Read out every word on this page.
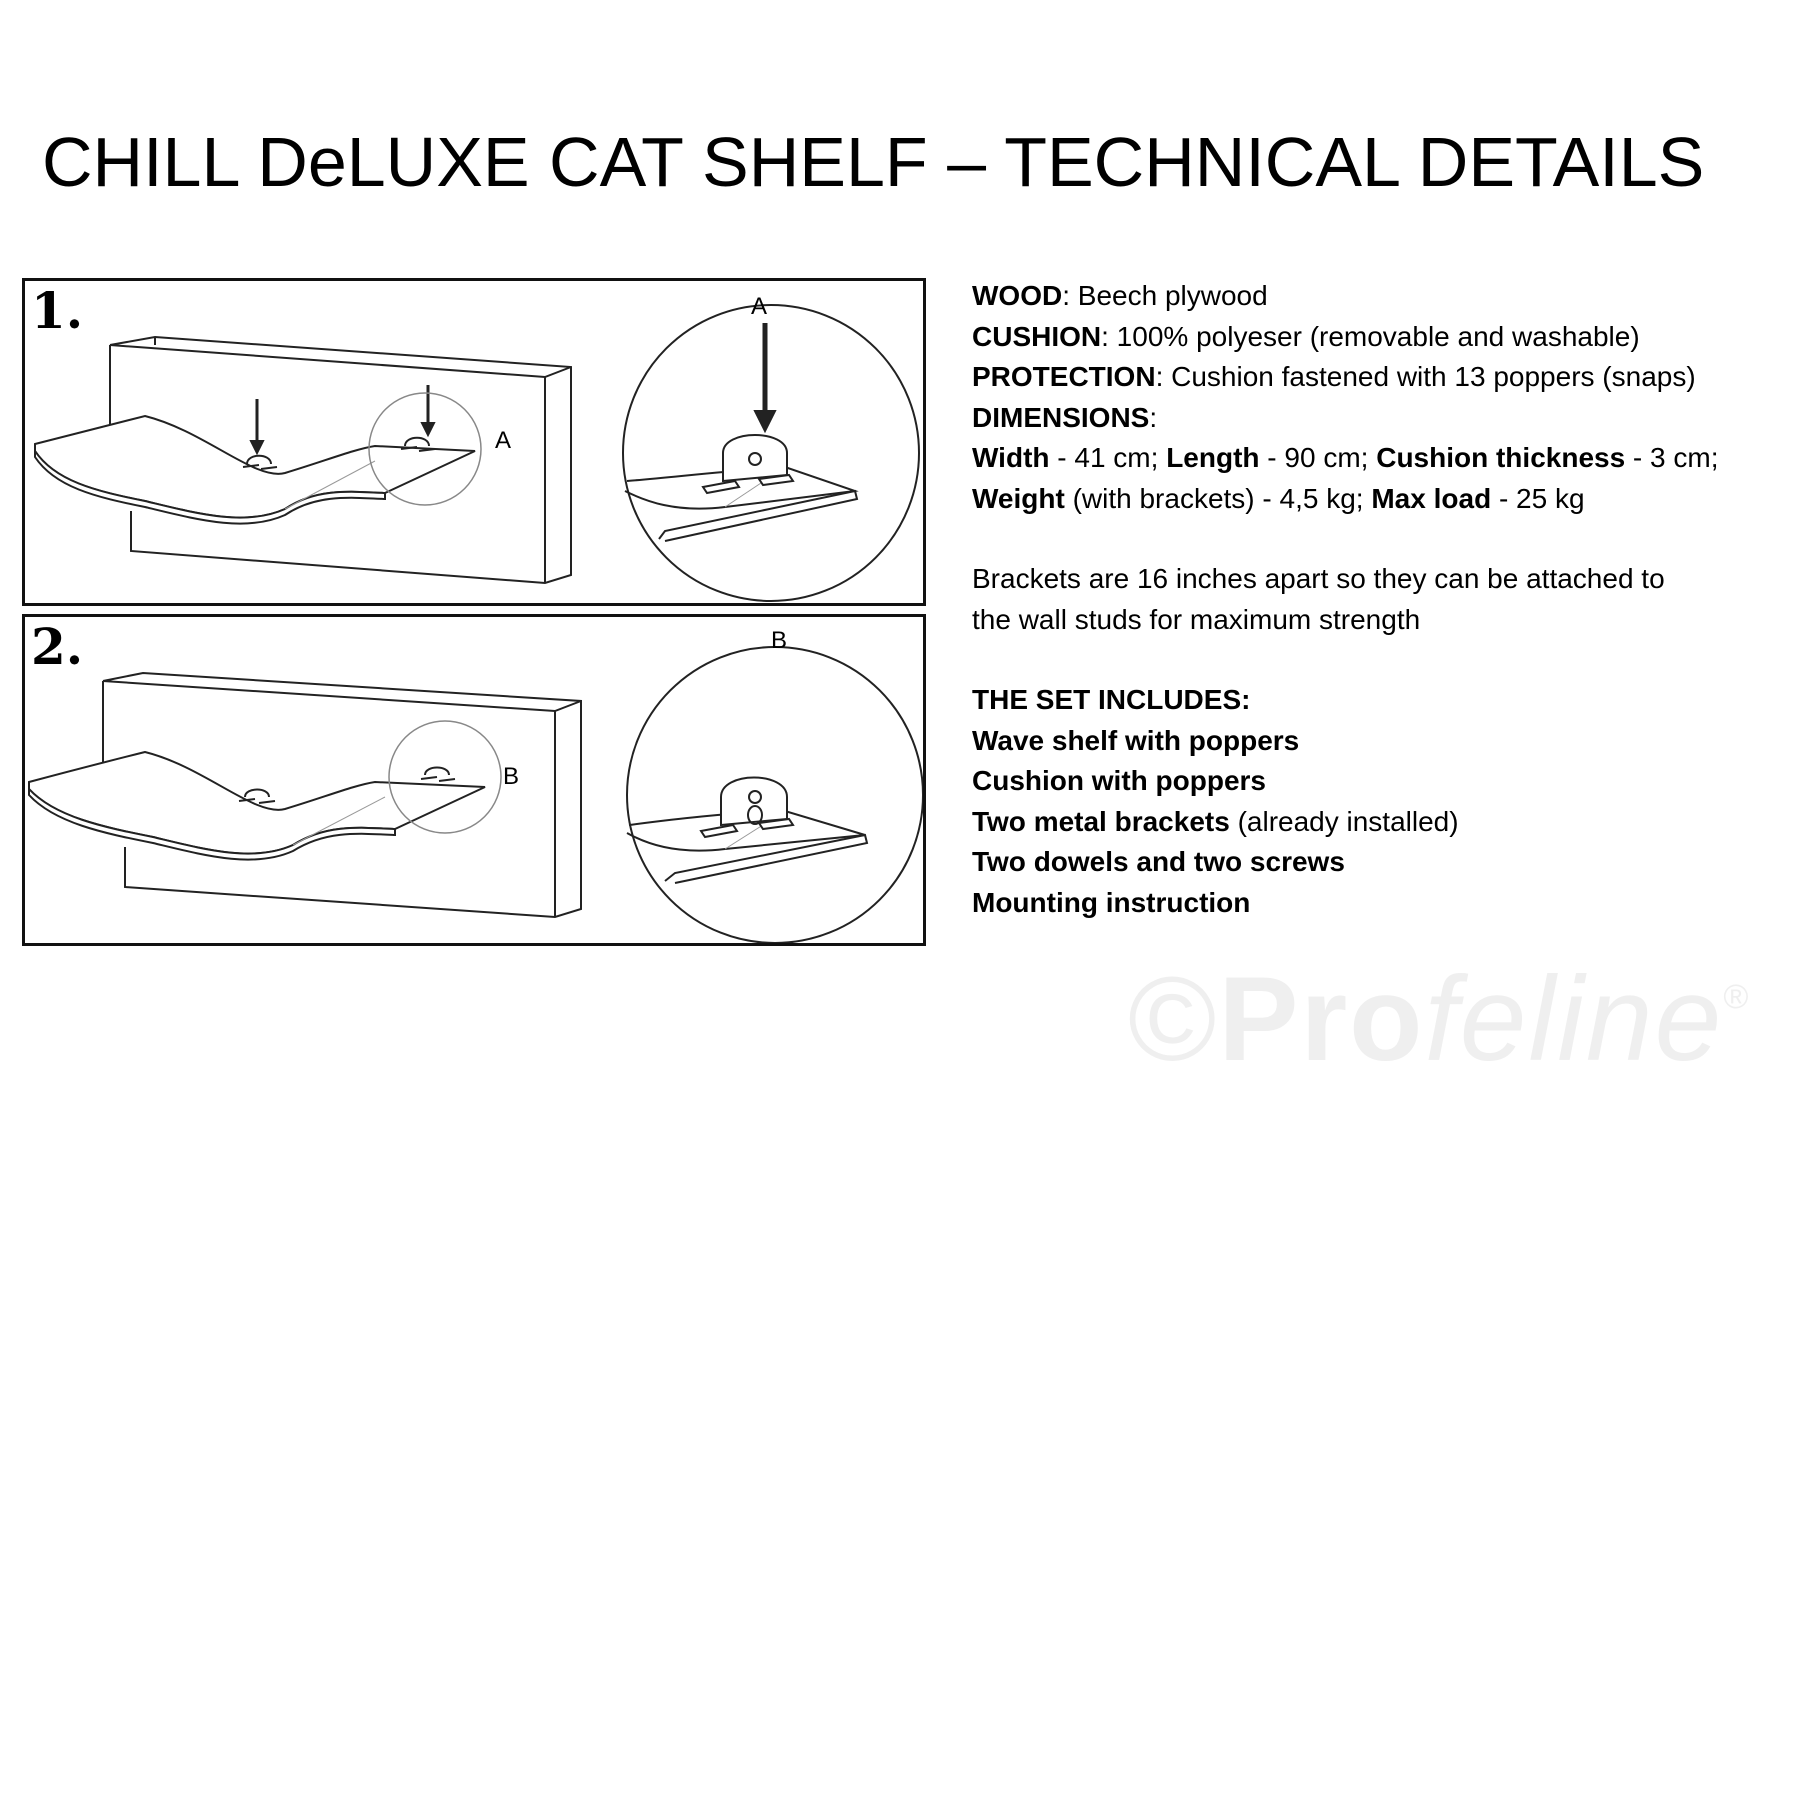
CHILL DeLUXE CAT SHELF – TECHNICAL DETAILS
1.
A
A
2.
B
B

WOOD: Beech plywood

CUSHION: 100% polyeser (removable and washable)

PROTECTION: Cushion fastened with 13 poppers (snaps)

DIMENSIONS:

Width - 41 cm; Length - 90 cm; Cushion thickness - 3 cm;

Weight (with brackets) - 4,5 kg; Max load - 25 kg

Brackets are 16 inches apart so they can be attached to

the wall studs for maximum strength

THE SET INCLUDES:

Wave shelf with poppers

Cushion with poppers

Two metal brackets (already installed)

Two dowels and two screws

Mounting instruction

©Profeline®
